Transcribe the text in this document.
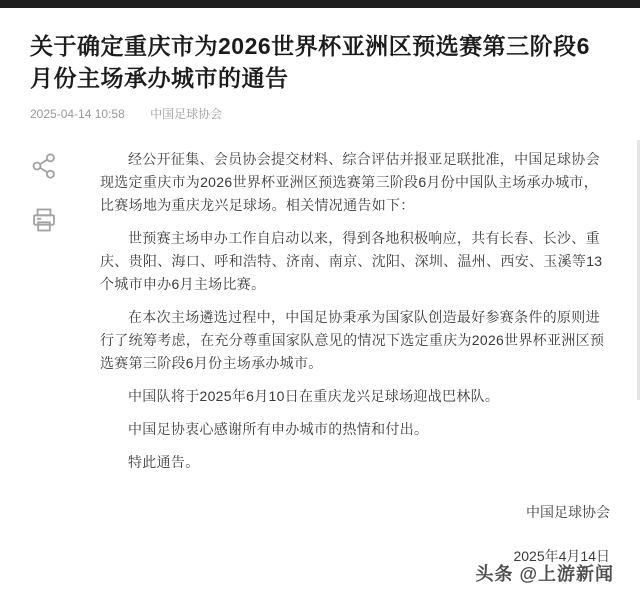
关于确定重庆市为2026世界杯亚洲区预选赛第三阶段6月份主场承办城市的通告
2025-04-14 10:58 中国足球协会

经公开征集、会员协会提交材料、综合评估并报亚足联批准，中国足球协会现选定重庆市为2026世界杯亚洲区预选赛第三阶段6月份中国队主场承办城市，比赛场地为重庆龙兴足球场。相关情况通告如下：

世预赛主场申办工作自启动以来，得到各地积极响应，共有长春、长沙、重庆、贵阳、海口、呼和浩特、济南、南京、沈阳、深圳、温州、西安、玉溪等13个城市申办6月主场比赛。

在本次主场遴选过程中，中国足协秉承为国家队创造最好参赛条件的原则进行了统筹考虑，在充分尊重国家队意见的情况下选定重庆为2026世界杯亚洲区预选赛第三阶段6月份主场承办城市。

中国队将于2025年6月10日在重庆龙兴足球场迎战巴林队。

中国足协衷心感谢所有申办城市的热情和付出。

特此通告。

中国足球协会
2025年4月14日
头条 @上游新闻
